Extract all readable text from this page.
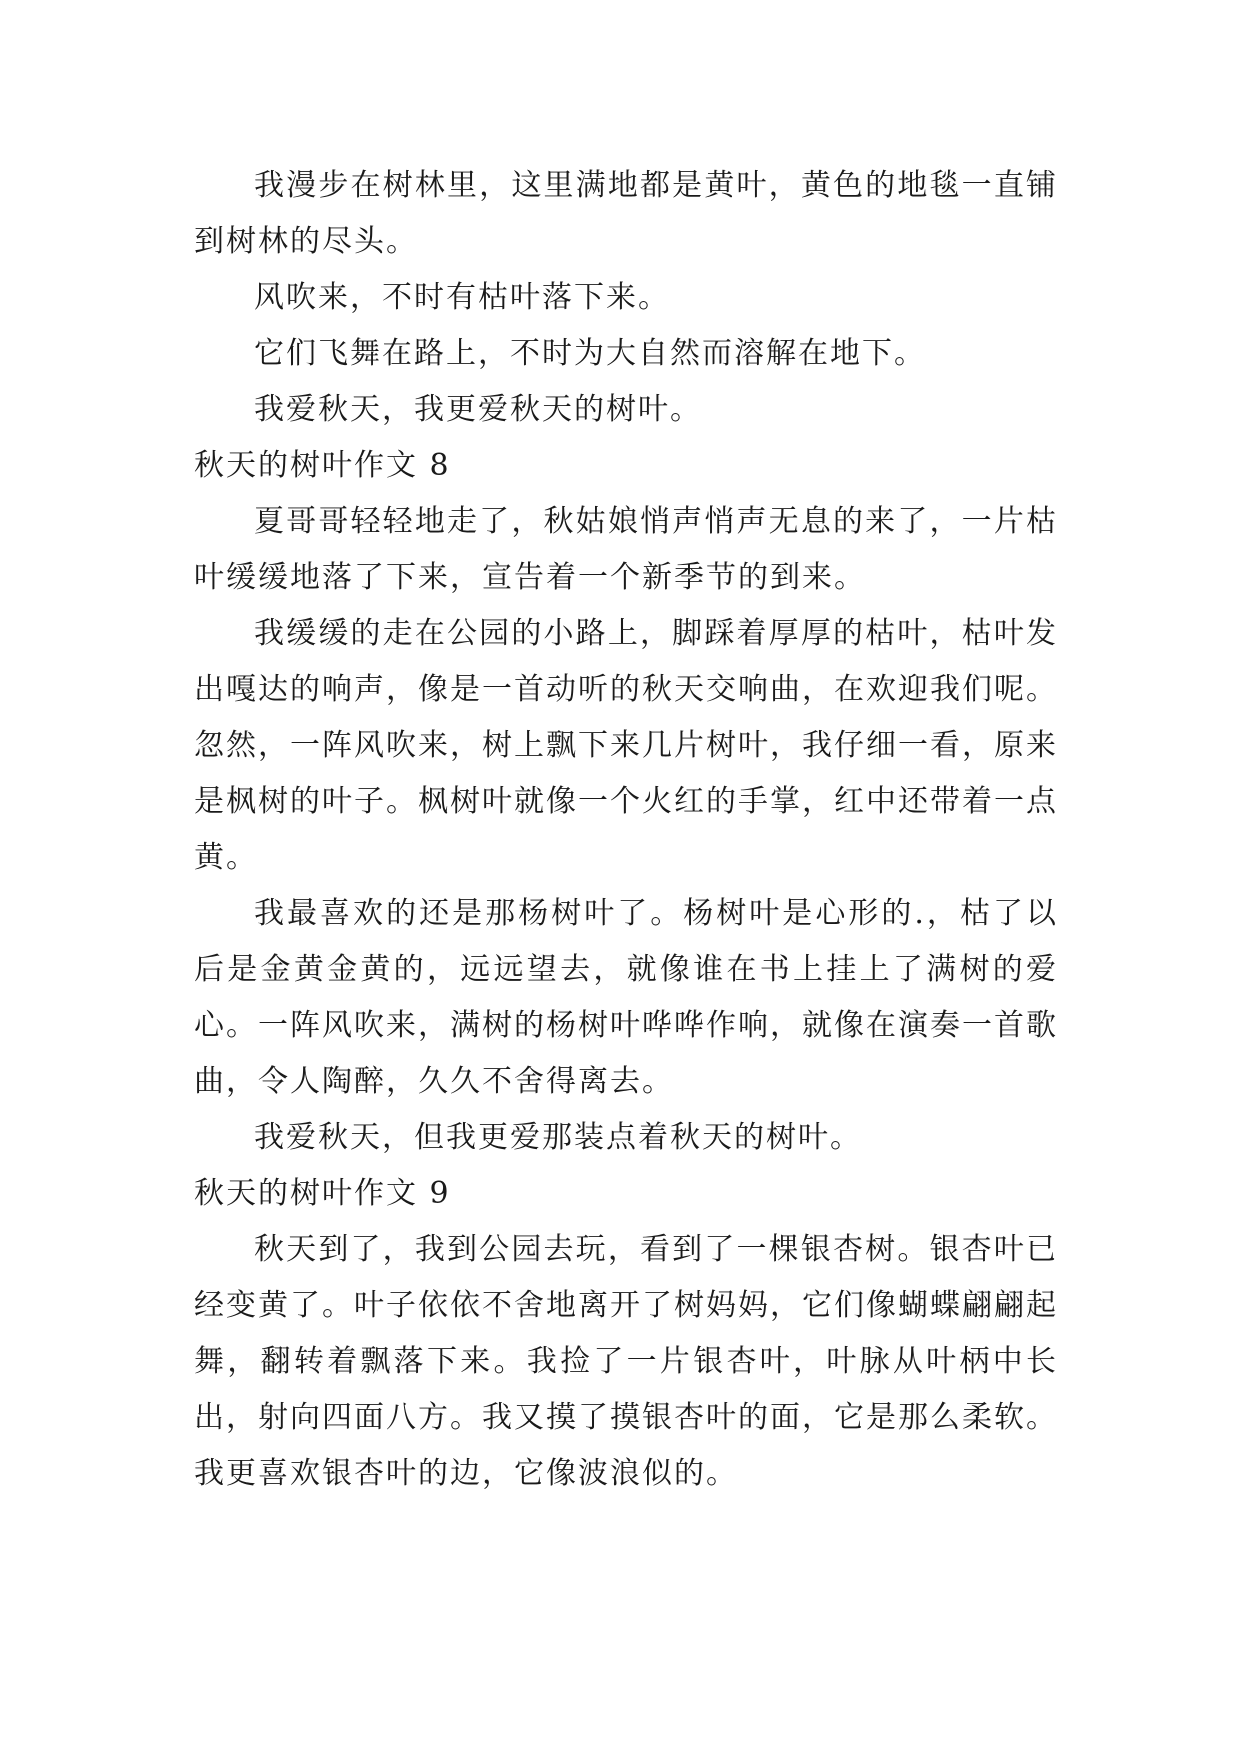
我漫步在树林里，这里满地都是黄叶，黄色的地毯一直铺到树林的尽头。

风吹来，不时有枯叶落下来。

它们飞舞在路上，不时为大自然而溶解在地下。

我爱秋天，我更爱秋天的树叶。

秋天的树叶作文 8

夏哥哥轻轻地走了，秋姑娘悄声悄声无息的来了，一片枯叶缓缓地落了下来，宣告着一个新季节的到来。

我缓缓的走在公园的小路上，脚踩着厚厚的枯叶，枯叶发出嘎达的响声，像是一首动听的秋天交响曲，在欢迎我们呢。忽然，一阵风吹来，树上飘下来几片树叶，我仔细一看，原来是枫树的叶子。枫树叶就像一个火红的手掌，红中还带着一点黄。

我最喜欢的还是那杨树叶了。杨树叶是心形的.，枯了以后是金黄金黄的，远远望去，就像谁在书上挂上了满树的爱心。一阵风吹来，满树的杨树叶哗哗作响，就像在演奏一首歌曲，令人陶醉，久久不舍得离去。

我爱秋天，但我更爱那装点着秋天的树叶。

秋天的树叶作文 9

秋天到了，我到公园去玩，看到了一棵银杏树。银杏叶已经变黄了。叶子依依不舍地离开了树妈妈，它们像蝴蝶翩翩起舞，翻转着飘落下来。我捡了一片银杏叶，叶脉从叶柄中长出，射向四面八方。我又摸了摸银杏叶的面，它是那么柔软。我更喜欢银杏叶的边，它像波浪似的。
